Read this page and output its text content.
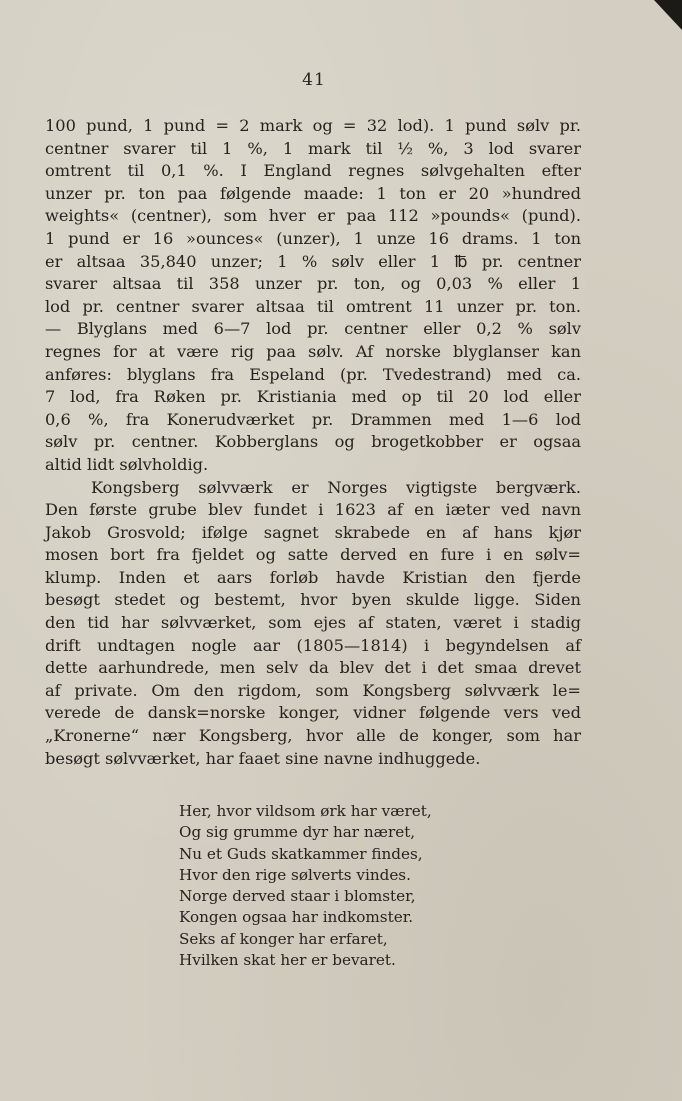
41
100 pund, 1 pund = 2 mark og = 32 lod). 1 pund sølv pr.
centner svarer til 1 %, 1 mark til ½ %, 3 lod svarer
omtrent til 0,1 %. I England regnes sølvgehalten efter
unzer pr. ton paa følgende maade: 1 ton er 20 »hundred
weights« (centner), som hver er paa 112 »pounds« (pund).
1 pund er 16 »ounces« (unzer), 1 unze 16 drams. 1 ton
er altsaa 35,840 unzer; 1 % sølv eller 1 ℔ pr. centner
svarer altsaa til 358 unzer pr. ton, og 0,03 % eller 1
lod pr. centner svarer altsaa til omtrent 11 unzer pr. ton.
— Blyglans med 6—7 lod pr. centner eller 0,2 % sølv
regnes for at være rig paa sølv. Af norske blyglanser kan
anføres: blyglans fra Espeland (pr. Tvedestrand) med ca.
7 lod, fra Røken pr. Kristiania med op til 20 lod eller
0,6 %, fra Konerudværket pr. Drammen med 1—6 lod
sølv pr. centner. Kobberglans og brogetkobber er ogsaa
altid lidt sølvholdig.
Kongsberg sølvværk er Norges vigtigste bergværk.
Den første grube blev fundet i 1623 af en iæter ved navn
Jakob Grosvold; ifølge sagnet skrabede en af hans kjør
mosen bort fra fjeldet og satte derved en fure i en sølv=
klump. Inden et aars forløb havde Kristian den fjerde
besøgt stedet og bestemt, hvor byen skulde ligge. Siden
den tid har sølvværket, som ejes af staten, været i stadig
drift undtagen nogle aar (1805—1814) i begyndelsen af
dette aarhundrede, men selv da blev det i det smaa drevet
af private. Om den rigdom, som Kongsberg sølvværk le=
verede de dansk=norske konger, vidner følgende vers ved
„Kronerne“ nær Kongsberg, hvor alle de konger, som har
besøgt sølvværket, har faaet sine navne indhuggede.
Her, hvor vildsom ørk har været,
Og sig grumme dyr har næret,
Nu et Guds skatkammer findes,
Hvor den rige sølverts vindes.
Norge derved staar i blomster,
Kongen ogsaa har indkomster.
Seks af konger har erfaret,
Hvilken skat her er bevaret.
